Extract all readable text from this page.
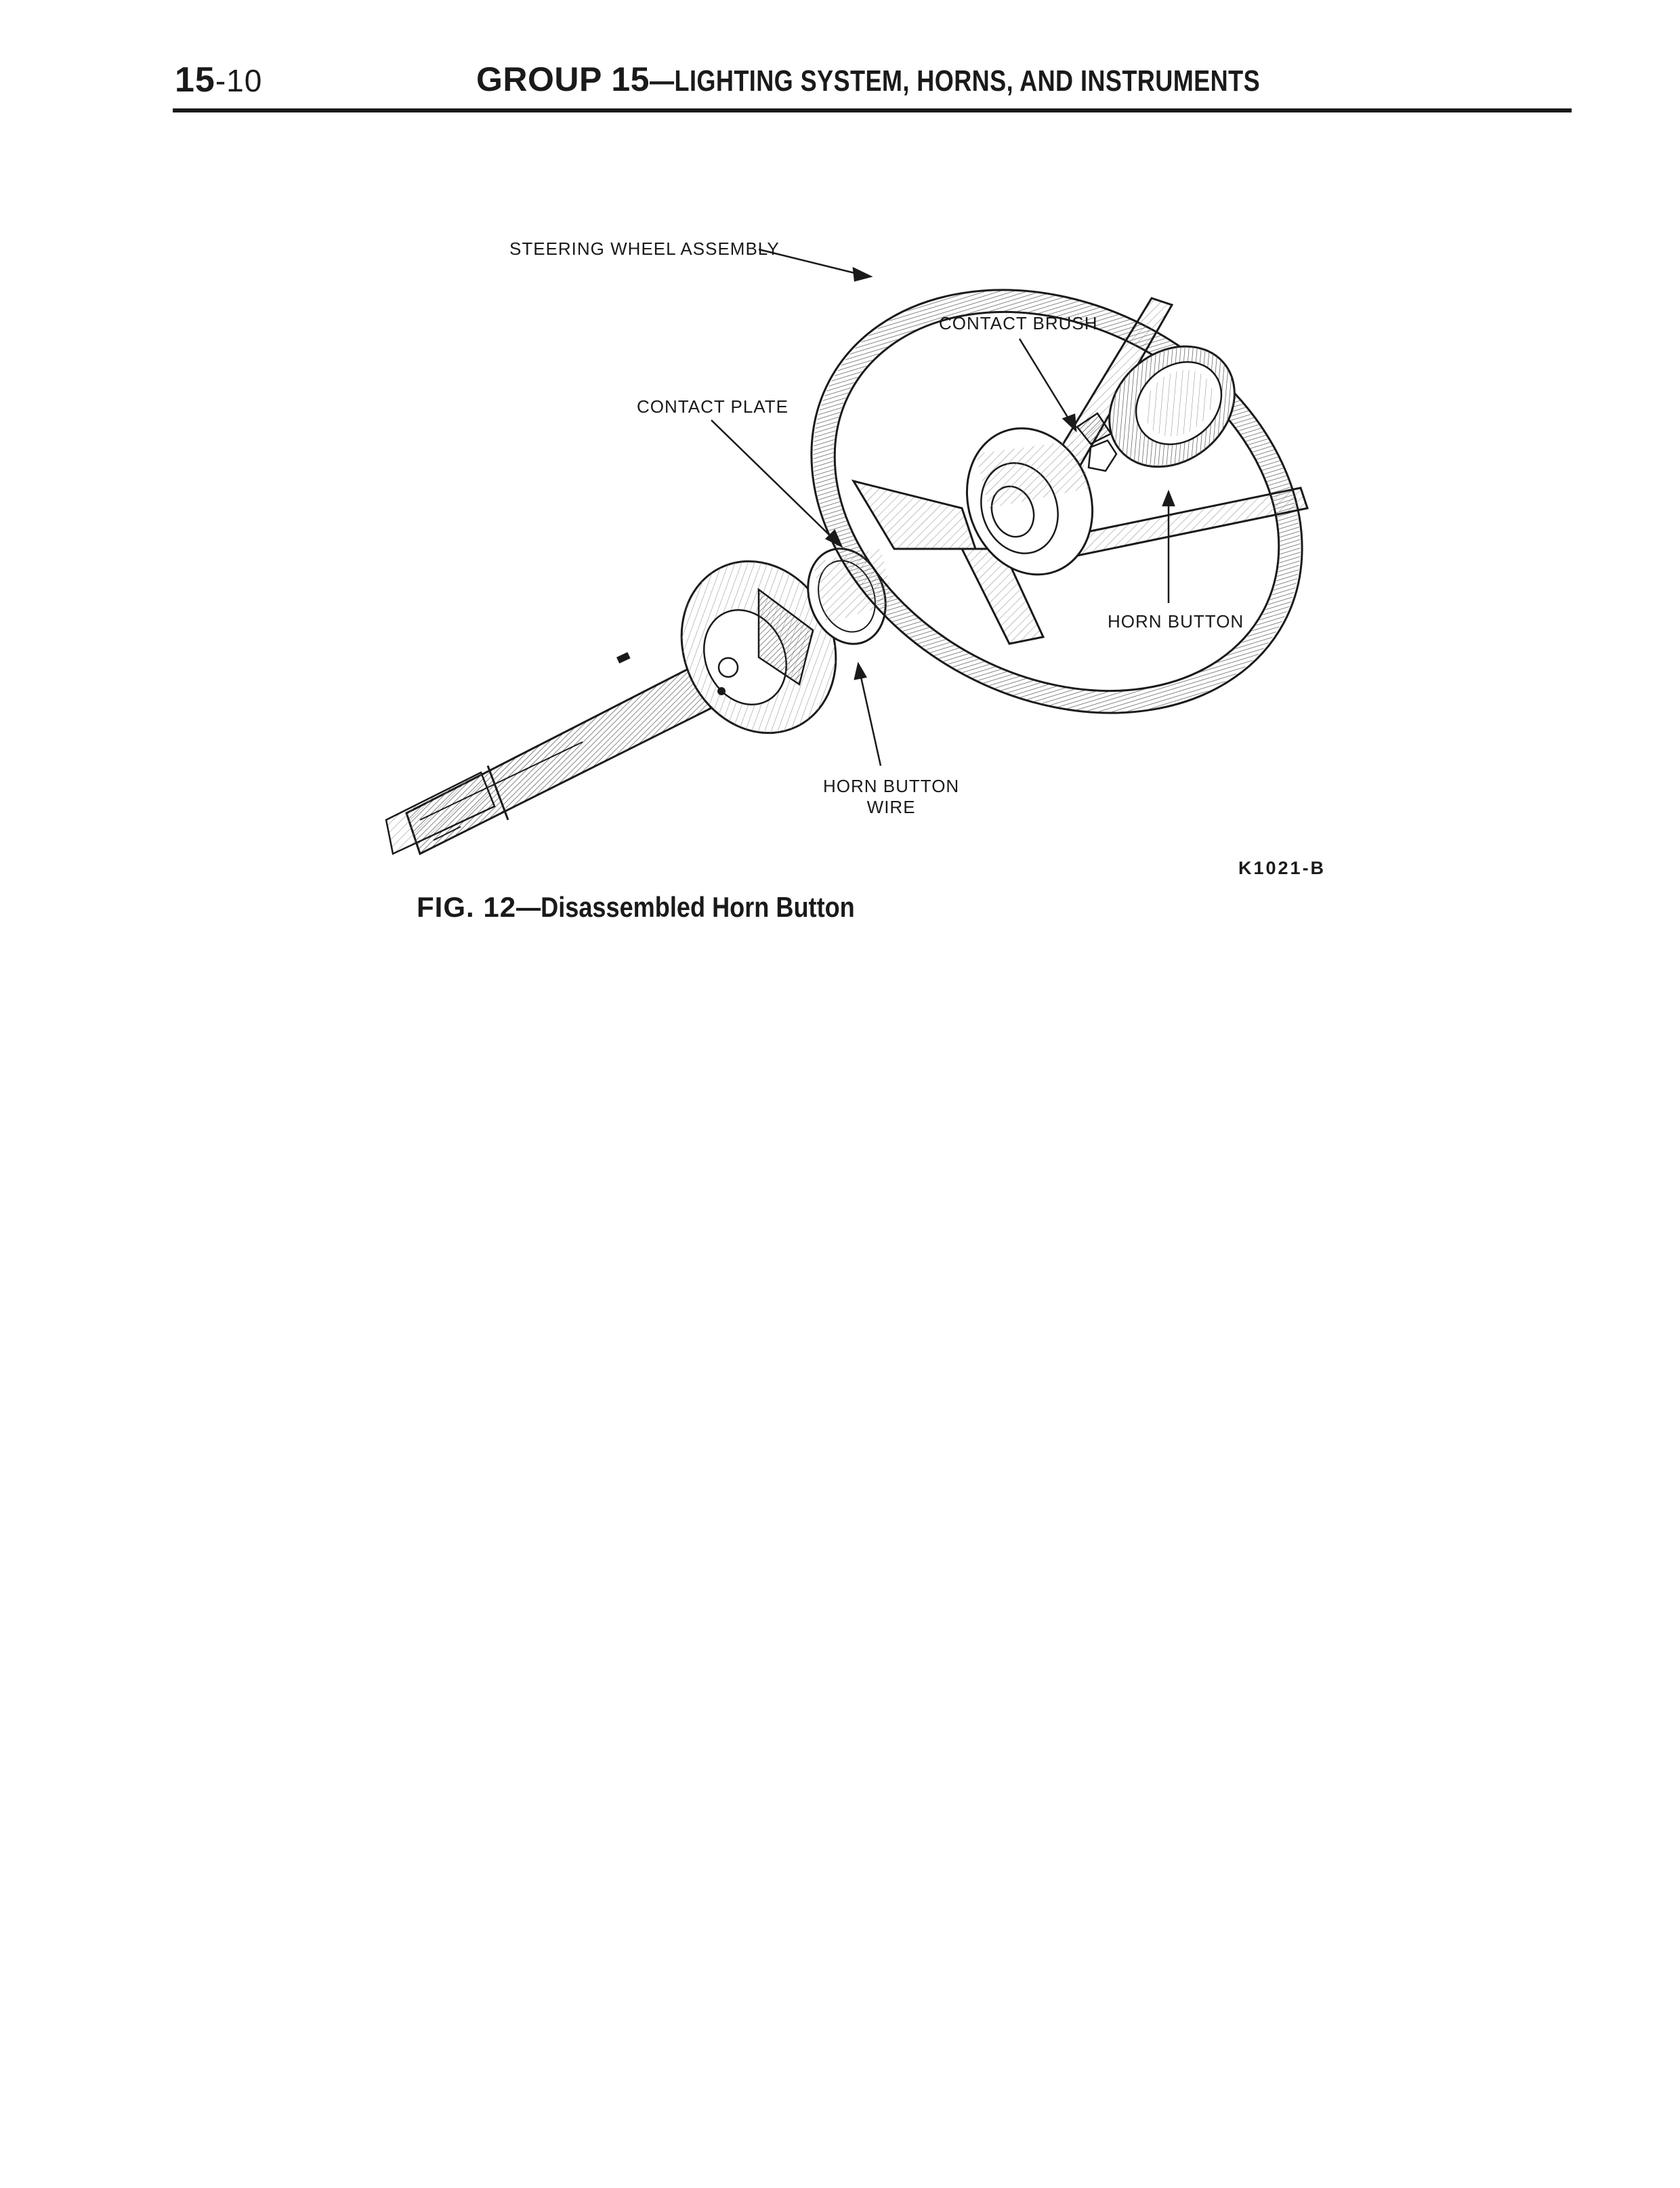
15-10	GROUP 15—LIGHTING SYSTEM, HORNS, AND INSTRUMENTS
STEERING WHEEL ASSEMBLY
CONTACT BRUSH
CONTACT PLATE
HORN BUTTON
HORN BUTTON
WIRE
K1021-B
FIG. 12—Disassembled Horn Button
